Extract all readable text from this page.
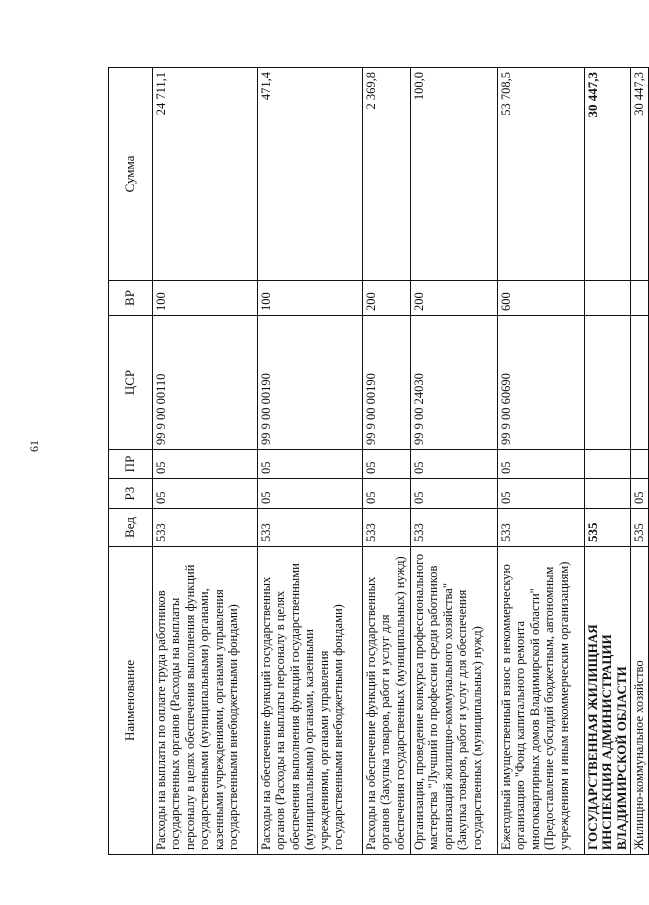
61
Наименование	Вед	РЗ	ПР	ЦСР	ВР	Сумма
Расходы на выплаты по оплате труда работников государственных органов (Расходы на выплаты персоналу в целях обеспечения выполнения функций государственными (муниципальными) органами, казенными учреждениями, органами управления государственными внебюджетными фондами)	533	05	05	99 9 00 00110	100	24 711,1
Расходы на обеспечение функций государственных органов (Расходы на выплаты персоналу в целях обеспечения выполнения функций государственными (муниципальными) органами, казенными учреждениями, органами управления государственными внебюджетными фондами)	533	05	05	99 9 00 00190	100	471,4
Расходы на обеспечение функций государственных органов (Закупка товаров, работ и услуг для обеспечения государственных (муниципальных) нужд)	533	05	05	99 9 00 00190	200	2 369,8
Организация, проведение конкурса профессионального мастерства "Лучший по профессии среди работников организаций жилищно-коммунального хозяйства" (Закупка товаров, работ и услуг для обеспечения государственных (муниципальных) нужд)	533	05	05	99 9 00 24030	200	100,0
Ежегодный имущественный взнос в некоммерческую организацию "Фонд капитального ремонта многоквартирных домов Владимирской области" (Предоставление субсидий бюджетным, автономным учреждениям и иным некоммерческим организациям)	533	05	05	99 9 00 60690	600	53 708,5
ГОСУДАРСТВЕННАЯ ЖИЛИЩНАЯ ИНСПЕКЦИЯ АДМИНИСТРАЦИИ ВЛАДИМИРСКОЙ ОБЛАСТИ	535					30 447,3
Жилищно-коммунальное хозяйство	535	05				30 447,3
